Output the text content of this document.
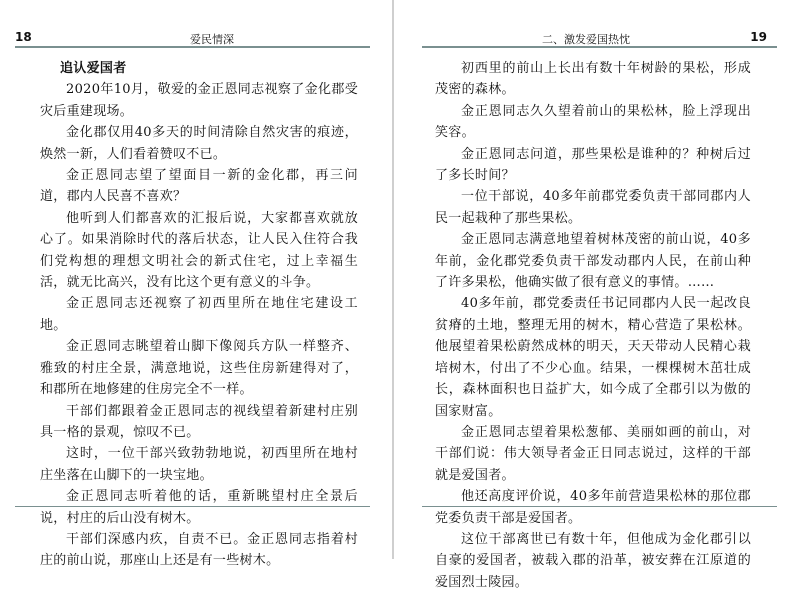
18	爱民情深
追认爱国者

2020年10月，敬爱的金正恩同志视察了金化郡受灾后重建现场。

金化郡仅用40多天的时间清除自然灾害的痕迹，焕然一新，人们看着赞叹不已。

金正恩同志望了望面目一新的金化郡，再三问道，郡内人民喜不喜欢？

他听到人们都喜欢的汇报后说，大家都喜欢就放心了。如果消除时代的落后状态，让人民入住符合我们党构想的理想文明社会的新式住宅，过上幸福生活，就无比高兴，没有比这个更有意义的斗争。

金正恩同志还视察了初西里所在地住宅建设工地。

金正恩同志眺望着山脚下像阅兵方队一样整齐、雅致的村庄全景，满意地说，这些住房新建得对了，和郡所在地修建的住房完全不一样。

干部们都跟着金正恩同志的视线望着新建村庄别具一格的景观，惊叹不已。

这时，一位干部兴致勃勃地说，初西里所在地村庄坐落在山脚下的一块宝地。

金正恩同志听着他的话，重新眺望村庄全景后说，村庄的后山没有树木。

干部们深感内疚，自责不已。金正恩同志指着村庄的前山说，那座山上还是有一些树木。

二、激发爱国热忱	19

初西里的前山上长出有数十年树龄的果松，形成茂密的森林。

金正恩同志久久望着前山的果松林，脸上浮现出笑容。

金正恩同志问道，那些果松是谁种的？种树后过了多长时间？

一位干部说，40多年前郡党委负责干部同郡内人民一起栽种了那些果松。

金正恩同志满意地望着树林茂密的前山说，40多年前，金化郡党委负责干部发动郡内人民，在前山种了许多果松，他确实做了很有意义的事情。……

40多年前，郡党委责任书记同郡内人民一起改良贫瘠的土地，整理无用的树木，精心营造了果松林。他展望着果松蔚然成林的明天，天天带动人民精心栽培树木，付出了不少心血。结果，一棵棵树木茁壮成长，森林面积也日益扩大，如今成了全郡引以为傲的国家财富。

金正恩同志望着果松葱郁、美丽如画的前山，对干部们说：伟大领导者金正日同志说过，这样的干部就是爱国者。

他还高度评价说，40多年前营造果松林的那位郡党委负责干部是爱国者。

这位干部离世已有数十年，但他成为金化郡引以自豪的爱国者，被载入郡的沿革，被安葬在江原道的爱国烈士陵园。
